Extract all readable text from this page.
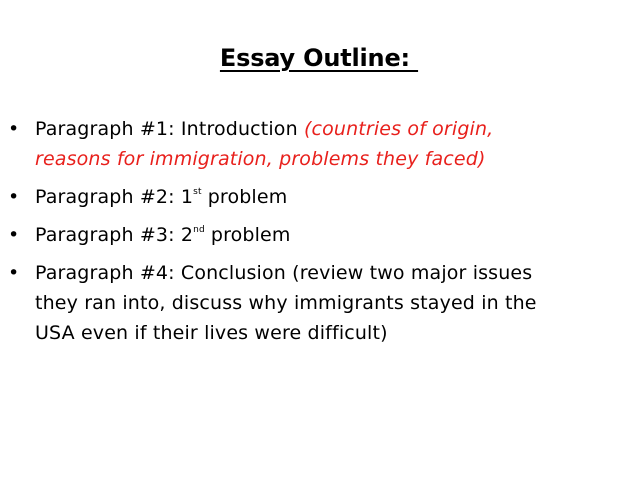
Essay Outline:
• Paragraph #1: Introduction (countries of origin,
reasons for immigration, problems they faced)
• Paragraph #2: 1st problem
• Paragraph #3: 2nd problem
• Paragraph #4: Conclusion (review two major issues
they ran into, discuss why immigrants stayed in the
USA even if their lives were difficult)
